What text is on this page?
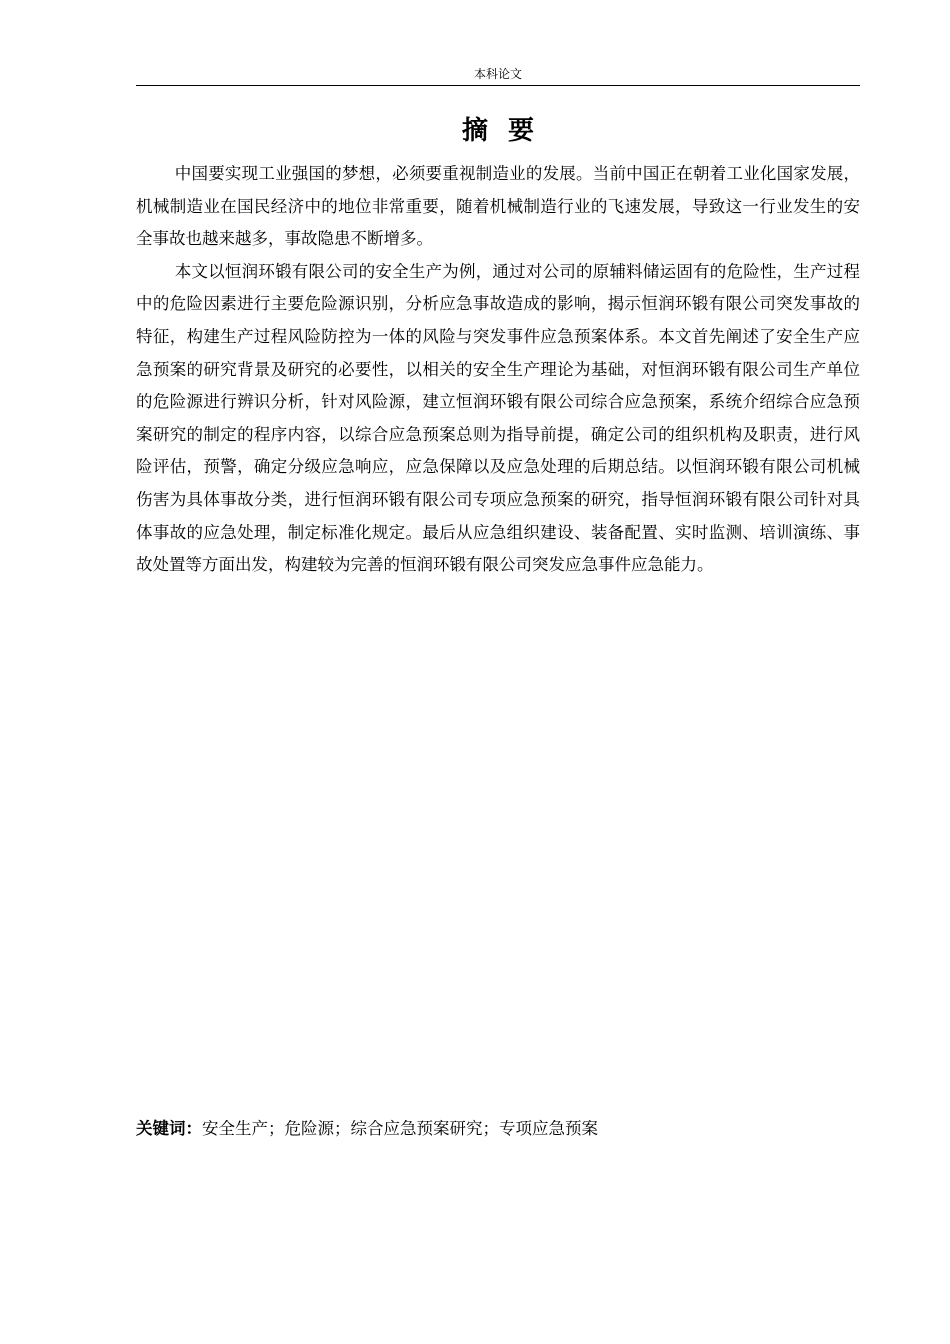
本科论文
摘要

中国要实现工业强国的梦想，必须要重视制造业的发展。当前中国正在朝着工业化国家发展，机械制造业在国民经济中的地位非常重要，随着机械制造行业的飞速发展，导致这一行业发生的安全事故也越来越多，事故隐患不断增多。

本文以恒润环锻有限公司的安全生产为例，通过对公司的原辅料储运固有的危险性，生产过程中的危险因素进行主要危险源识别，分析应急事故造成的影响，揭示恒润环锻有限公司突发事故的特征，构建生产过程风险防控为一体的风险与突发事件应急预案体系。本文首先阐述了安全生产应急预案的研究背景及研究的必要性，以相关的安全生产理论为基础，对恒润环锻有限公司生产单位的危险源进行辨识分析，针对风险源，建立恒润环锻有限公司综合应急预案，系统介绍综合应急预案研究的制定的程序内容，以综合应急预案总则为指导前提，确定公司的组织机构及职责，进行风险评估，预警，确定分级应急响应，应急保障以及应急处理的后期总结。以恒润环锻有限公司机械伤害为具体事故分类，进行恒润环锻有限公司专项应急预案的研究，指导恒润环锻有限公司针对具体事故的应急处理，制定标准化规定。最后从应急组织建设、装备配置、实时监测、培训演练、事故处置等方面出发，构建较为完善的恒润环锻有限公司突发应急事件应急能力。

关键词：安全生产；危险源；综合应急预案研究；专项应急预案
